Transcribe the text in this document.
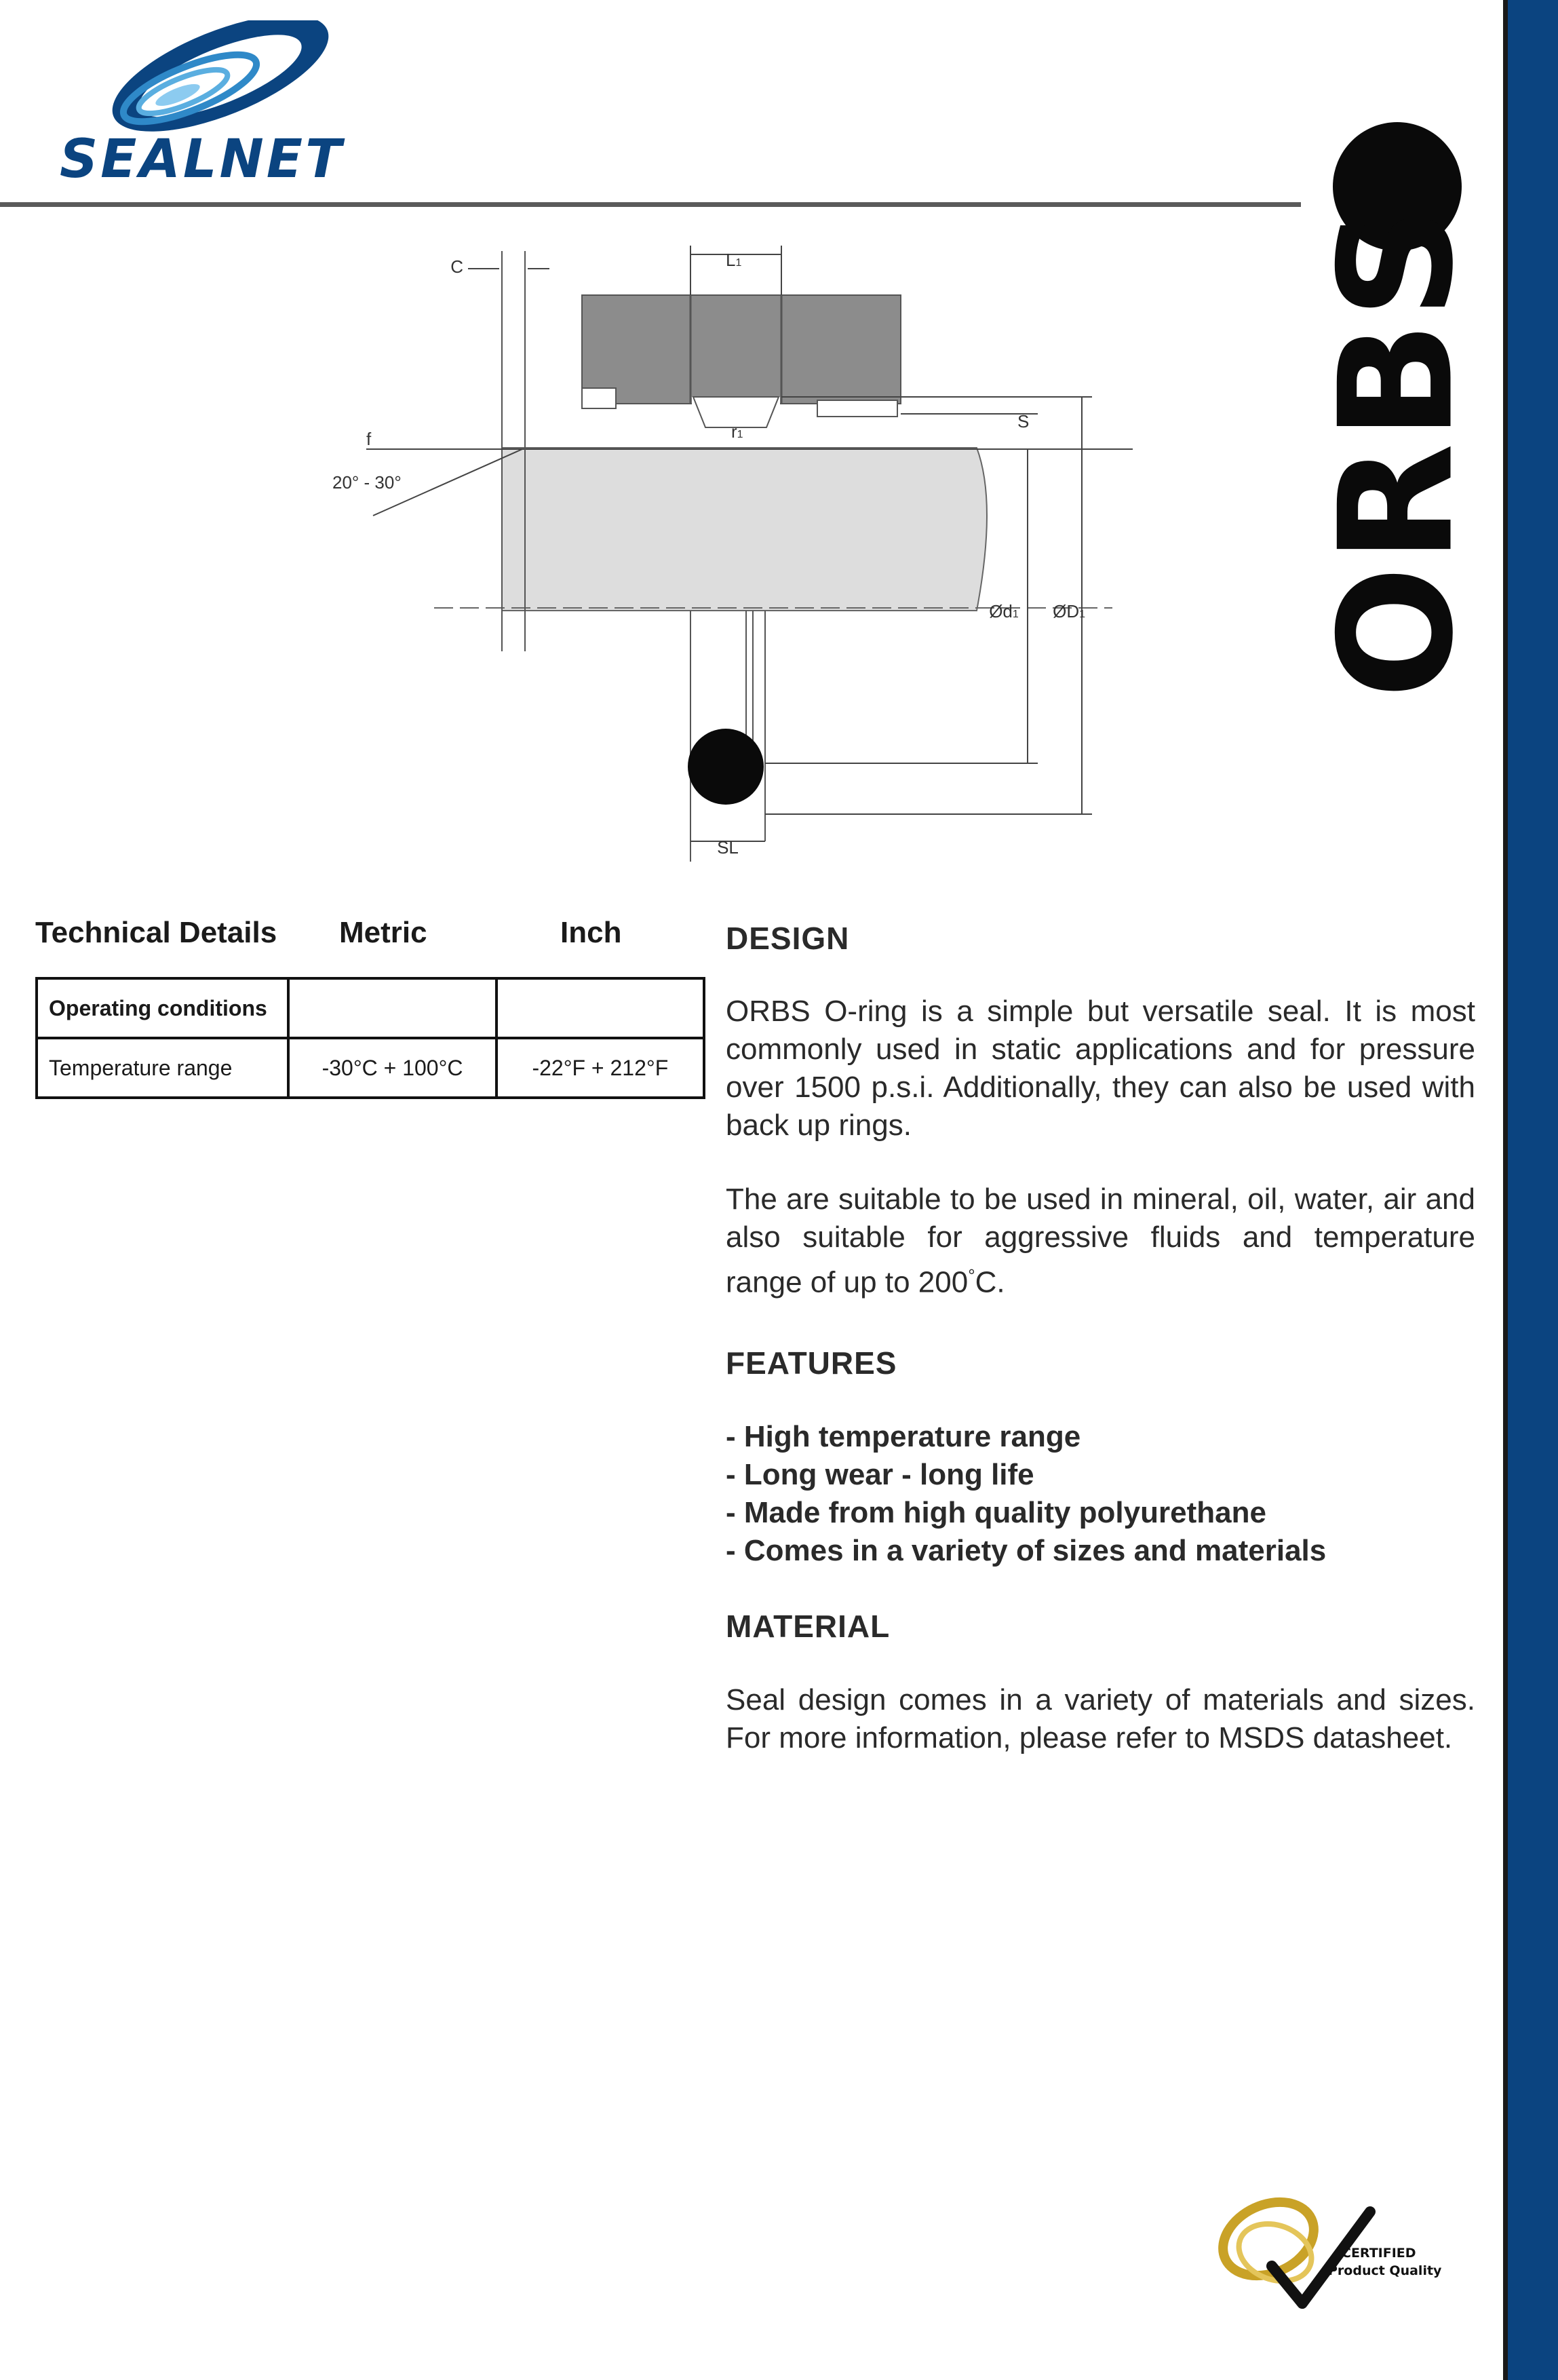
SEALNET
ORBS
C	L1
r1
S
f
20° - 30°
Ød1 ØD1
SL
Technical Details Metric	Inch
Operating conditions		
Temperature range	-30°C + 100°C	-22°F + 212°F
DESIGN
ORBS O-ring is a simple but versatile seal. It is most commonly used in static applications and for pressure over 1500 p.s.i. Additionally, they can also be used with back up rings.
The are suitable to be used in mineral, oil, water, air and also suitable for aggressive fluids and temperature range of up to 200°C.
FEATURES
- High temperature range
- Long wear - long life
- Made from high quality polyurethane
- Comes in a variety of sizes and materials
MATERIAL
Seal design comes in a variety of materials and sizes. For more information, please refer to MSDS datasheet.
CERTIFIED
Product Quality
